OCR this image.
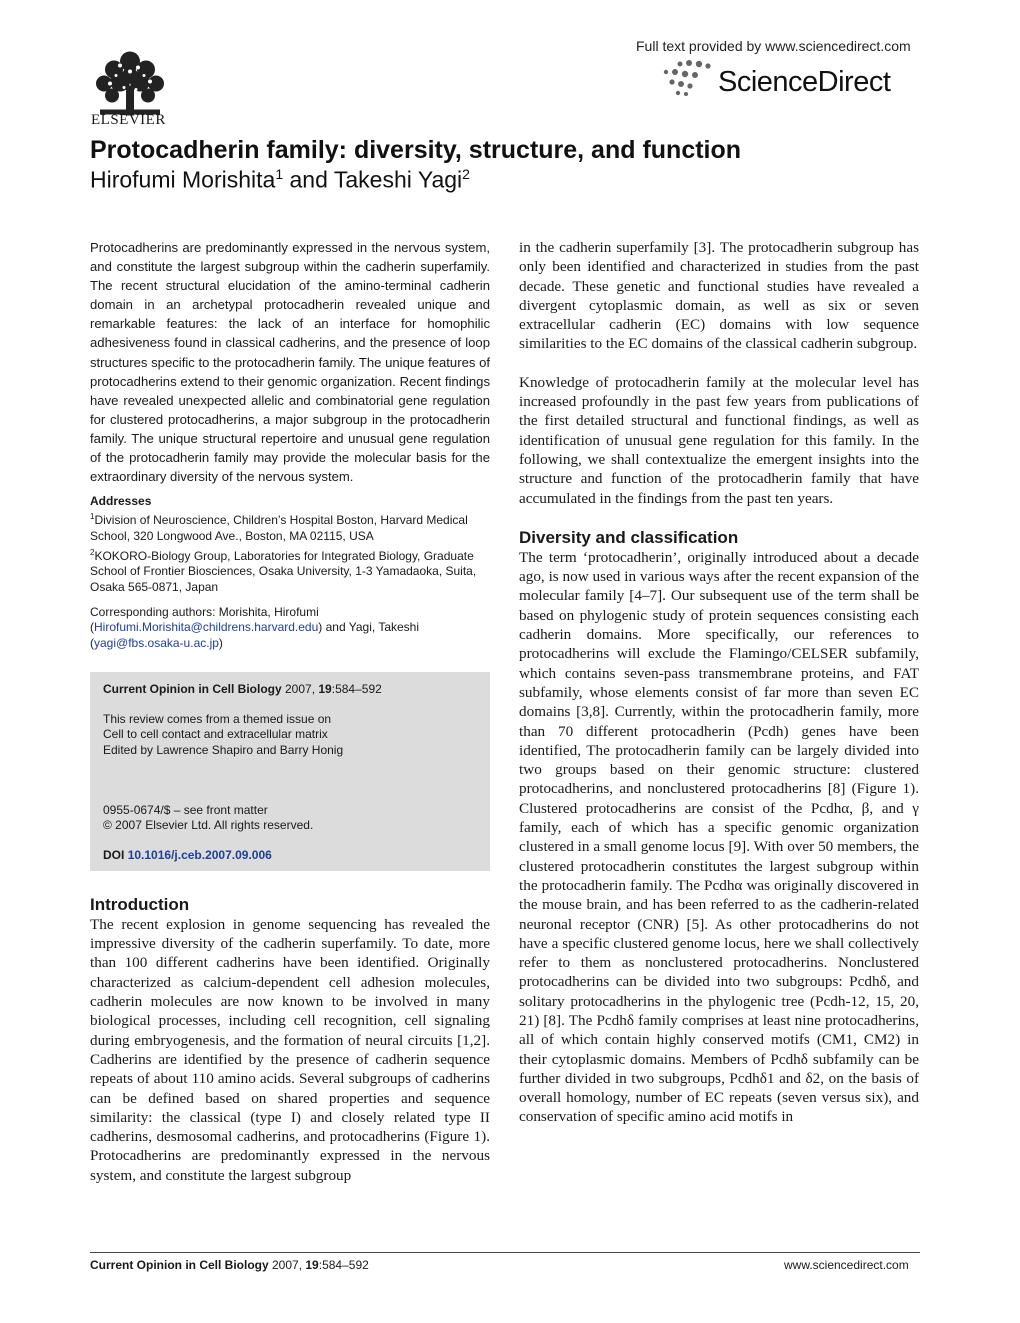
ELSEVIER
Full text provided by www.sciencedirect.com
ScienceDirect
Protocadherin family: diversity, structure, and function
Hirofumi Morishita$^1$ and Takeshi Yagi$^2$

Protocadherins are predominantly expressed in the nervous system, and constitute the largest subgroup within the cadherin superfamily. The recent structural elucidation of the amino-terminal cadherin domain in an archetypal protocadherin revealed unique and remarkable features: the lack of an interface for homophilic adhesiveness found in classical cadherins, and the presence of loop structures specific to the protocadherin family. The unique features of protocadherins extend to their genomic organization. Recent findings have revealed unexpected allelic and combinatorial gene regulation for clustered protocadherins, a major subgroup in the protocadherin family. The unique structural repertoire and unusual gene regulation of the protocadherin family may provide the molecular basis for the extraordinary diversity of the nervous system.

Addresses

$^1$Division of Neuroscience, Children’s Hospital Boston, Harvard Medical School, 320 Longwood Ave., Boston, MA 02115, USA

$^2$KOKORO-Biology Group, Laboratories for Integrated Biology, Graduate School of Frontier Biosciences, Osaka University, 1-3 Yamadaoka, Suita, Osaka 565-0871, Japan

Corresponding authors: Morishita, Hirofumi
(Hirofumi.Morishita@childrens.harvard.edu) and Yagi, Takeshi
(yagi@fbs.osaka-u.ac.jp)

Current Opinion in Cell Biology 2007, 19:584–592

This review comes from a themed issue on

Cell to cell contact and extracellular matrix

Edited by Lawrence Shapiro and Barry Honig

0955-0674/$ – see front matter

© 2007 Elsevier Ltd. All rights reserved.

DOI 10.1016/j.ceb.2007.09.006

Introduction

The recent explosion in genome sequencing has revealed the impressive diversity of the cadherin superfamily. To date, more than 100 different cadherins have been identified. Originally characterized as calcium-dependent cell adhesion molecules, cadherin molecules are now known to be involved in many biological processes, including cell recognition, cell signaling during embryogenesis, and the formation of neural circuits [1,2]. Cadherins are identified by the presence of cadherin sequence repeats of about 110 amino acids. Several subgroups of cadherins can be defined based on shared properties and sequence similarity: the classical (type I) and closely related type II cadherins, desmosomal cadherins, and protocadherins (Figure 1). Protocadherins are predominantly expressed in the nervous system, and constitute the largest subgroup

in the cadherin superfamily [3]. The protocadherin subgroup has only been identified and characterized in studies from the past decade. These genetic and functional studies have revealed a divergent cytoplasmic domain, as well as six or seven extracellular cadherin (EC) domains with low sequence similarities to the EC domains of the classical cadherin subgroup.

Knowledge of protocadherin family at the molecular level has increased profoundly in the past few years from publications of the first detailed structural and functional findings, as well as identification of unusual gene regulation for this family. In the following, we shall contextualize the emergent insights into the structure and function of the protocadherin family that have accumulated in the findings from the past ten years.

Diversity and classification

The term ‘protocadherin’, originally introduced about a decade ago, is now used in various ways after the recent expansion of the molecular family [4–7]. Our subsequent use of the term shall be based on phylogenic study of protein sequences consisting each cadherin domains. More specifically, our references to protocadherins will exclude the Flamingo/CELSER subfamily, which contains seven-pass transmembrane proteins, and FAT subfamily, whose elements consist of far more than seven EC domains [3,8]. Currently, within the protocadherin family, more than 70 different protocadherin (Pcdh) genes have been identified, The protocadherin family can be largely divided into two groups based on their genomic structure: clustered protocadherins, and nonclustered protocadherins [8] (Figure 1). Clustered protocadherins are consist of the Pcdhα, β, and γ family, each of which has a specific genomic organization clustered in a small genome locus [9]. With over 50 members, the clustered protocadherin constitutes the largest subgroup within the protocadherin family. The Pcdhα was originally discovered in the mouse brain, and has been referred to as the cadherin-related neuronal receptor (CNR) [5]. As other protocadherins do not have a specific clustered genome locus, here we shall collectively refer to them as nonclustered protocadherins. Nonclustered protocadherins can be divided into two subgroups: Pcdhδ, and solitary protocadherins in the phylogenic tree (Pcdh-12, 15, 20, 21) [8]. The Pcdhδ family comprises at least nine protocadherins, all of which contain highly conserved motifs (CM1, CM2) in their cytoplasmic domains. Members of Pcdhδ subfamily can be further divided in two subgroups, Pcdhδ1 and δ2, on the basis of overall homology, number of EC repeats (seven versus six), and conservation of specific amino acid motifs in

Current Opinion in Cell Biology 2007, 19:584–592	www.sciencedirect.com
